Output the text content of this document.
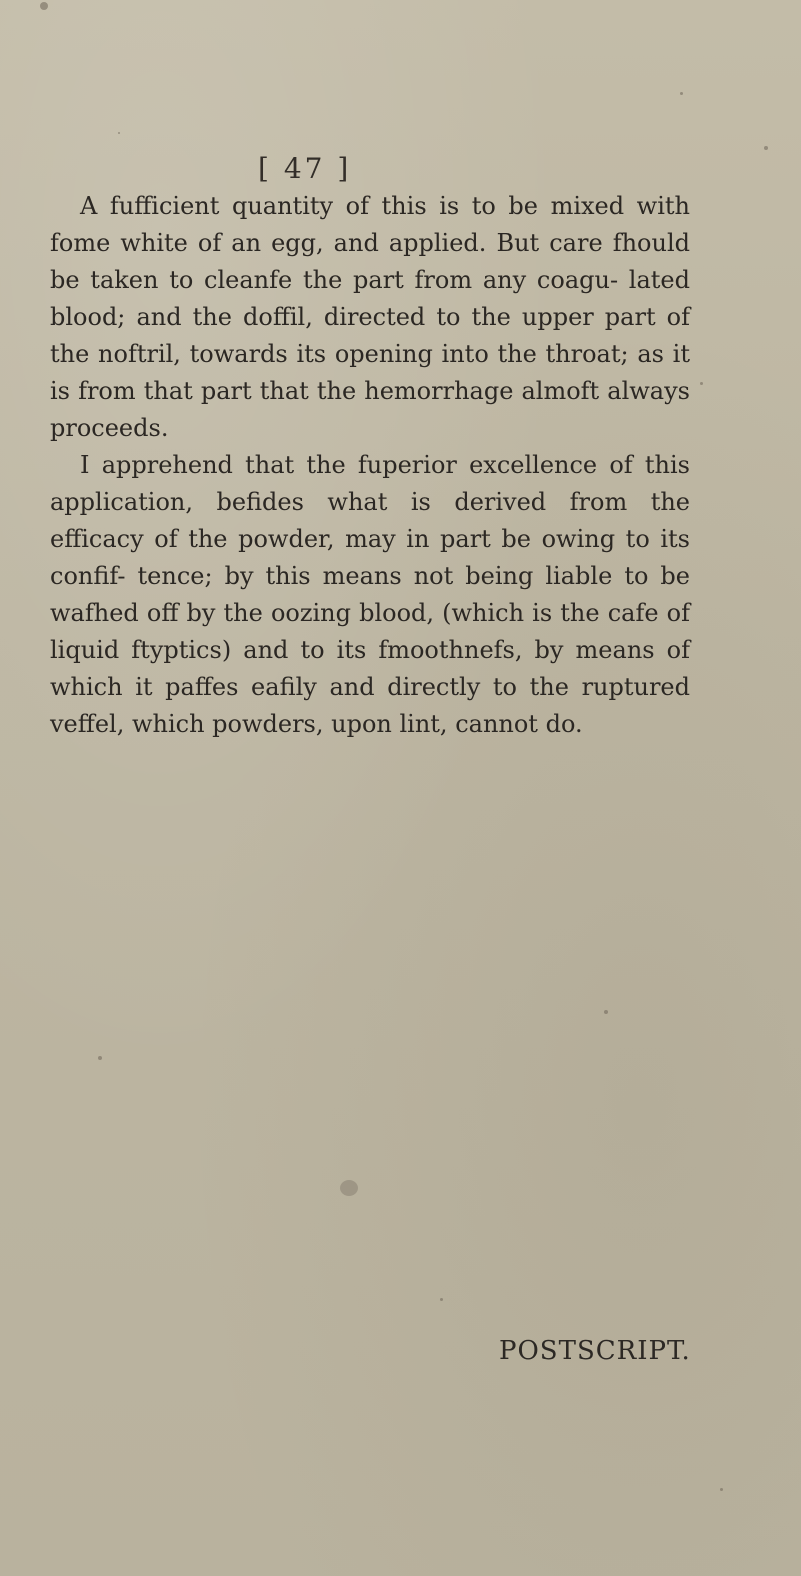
[ 47 ]

A fufficient quantity of this is to be mixed with fome white of an egg, and applied. But care fhould be taken to cleanfe the part from any coagu- lated blood; and the doffil, directed to the upper part of the noftril, towards its opening into the throat; as it is from that part that the hemorrhage almoft always proceeds.

I apprehend that the fuperior excellence of this application, befides what is derived from the efficacy of the powder, may in part be owing to its confif- tence; by this means not being liable to be wafhed off by the oozing blood, (which is the cafe of liquid ftyptics) and to its fmoothnefs, by means of which it paffes eafily and directly to the ruptured veffel, which powders, upon lint, cannot do.

POSTSCRIPT.
